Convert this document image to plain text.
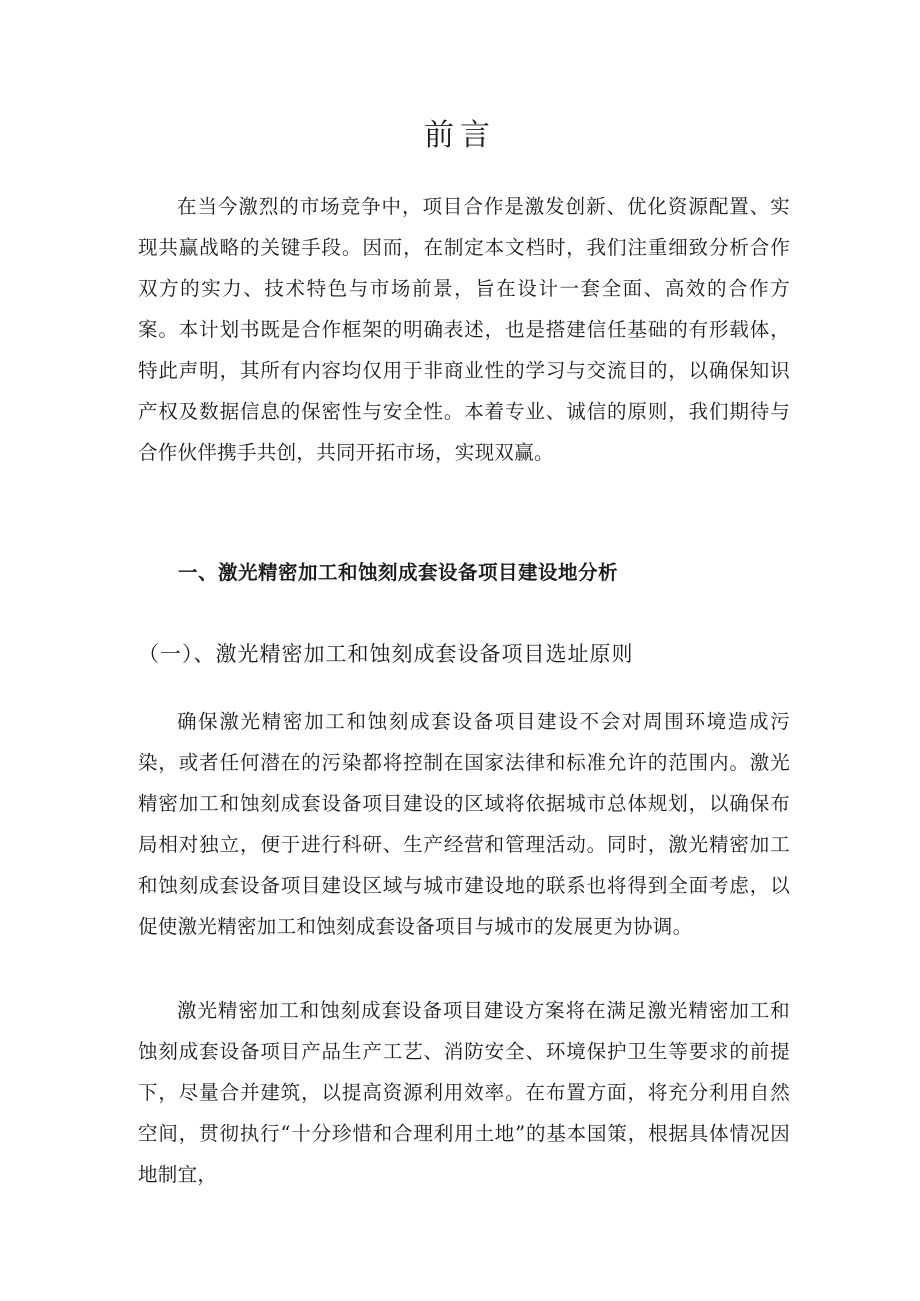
前言

在当今激烈的市场竞争中，项目合作是激发创新、优化资源配置、实现共赢战略的关键手段。因而，在制定本文档时，我们注重细致分析合作双方的实力、技术特色与市场前景，旨在设计一套全面、高效的合作方案。本计划书既是合作框架的明确表述，也是搭建信任基础的有形载体，特此声明，其所有内容均仅用于非商业性的学习与交流目的，以确保知识产权及数据信息的保密性与安全性。本着专业、诚信的原则，我们期待与合作伙伴携手共创，共同开拓市场，实现双赢。

一、激光精密加工和蚀刻成套设备项目建设地分析
（一）、激光精密加工和蚀刻成套设备项目选址原则

确保激光精密加工和蚀刻成套设备项目建设不会对周围环境造成污染，或者任何潜在的污染都将控制在国家法律和标准允许的范围内。激光精密加工和蚀刻成套设备项目建设的区域将依据城市总体规划，以确保布局相对独立，便于进行科研、生产经营和管理活动。同时，激光精密加工和蚀刻成套设备项目建设区域与城市建设地的联系也将得到全面考虑，以促使激光精密加工和蚀刻成套设备项目与城市的发展更为协调。

激光精密加工和蚀刻成套设备项目建设方案将在满足激光精密加工和蚀刻成套设备项目产品生产工艺、消防安全、环境保护卫生等要求的前提下，尽量合并建筑，以提高资源利用效率。在布置方面，将充分利用自然空间，贯彻执行“十分珍惜和合理利用土地”的基本国策，根据具体情况因地制宜，
